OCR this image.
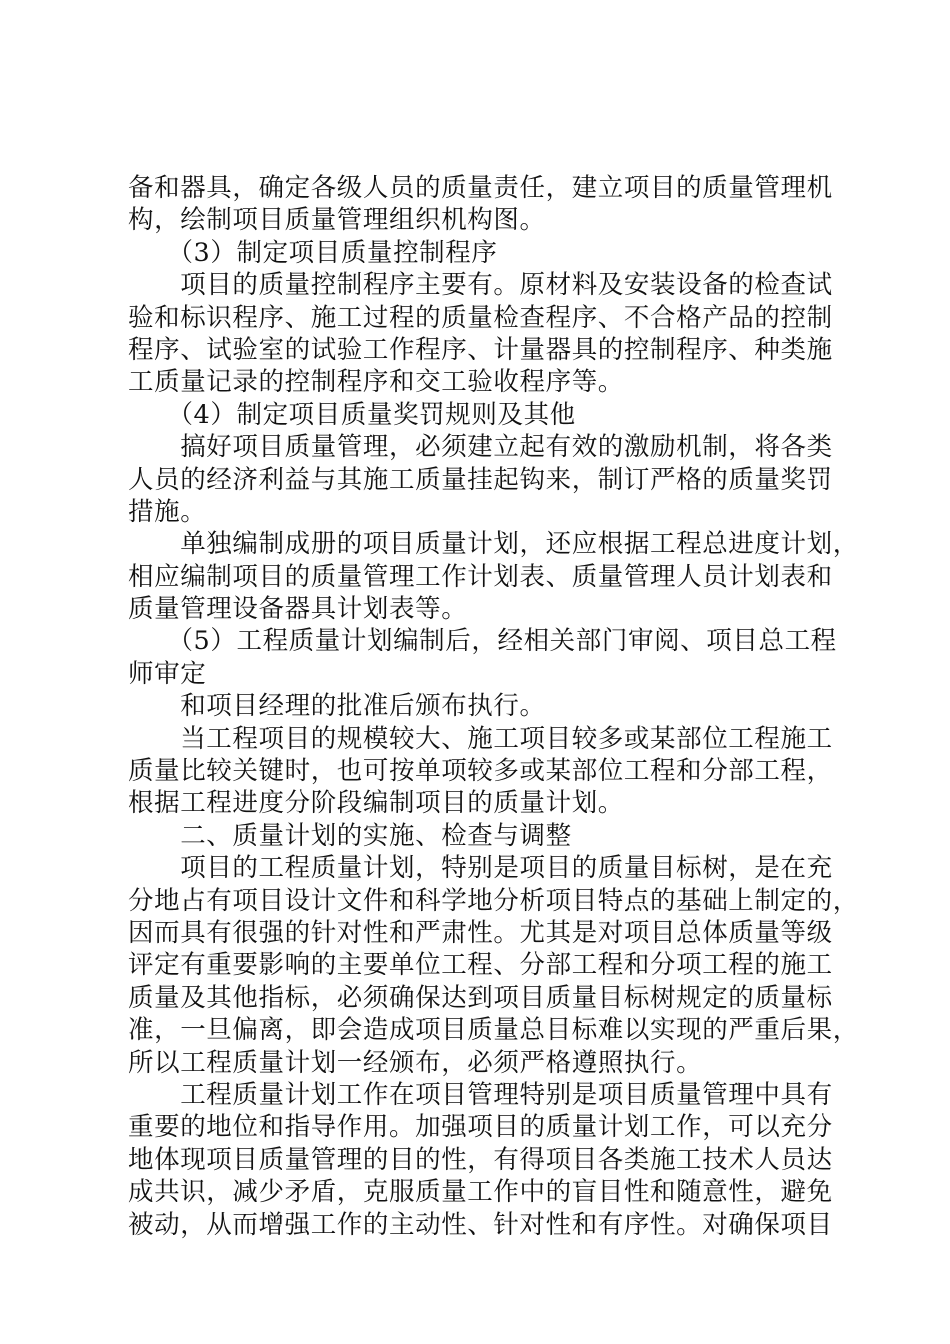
备和器具，确定各级人员的质量责任，建立项目的质量管理机
构，绘制项目质量管理组织机构图。
　　（3）制定项目质量控制程序
　　项目的质量控制程序主要有。原材料及安装设备的检查试
验和标识程序、施工过程的质量检查程序、不合格产品的控制
程序、试验室的试验工作程序、计量器具的控制程序、种类施
工质量记录的控制程序和交工验收程序等。
　　（4）制定项目质量奖罚规则及其他
　　搞好项目质量管理，必须建立起有效的激励机制，将各类
人员的经济利益与其施工质量挂起钩来，制订严格的质量奖罚
措施。
　　单独编制成册的项目质量计划，还应根据工程总进度计划，
相应编制项目的质量管理工作计划表、质量管理人员计划表和
质量管理设备器具计划表等。
　　（5）工程质量计划编制后，经相关部门审阅、项目总工程
师审定
　　和项目经理的批准后颁布执行。
　　当工程项目的规模较大、施工项目较多或某部位工程施工
质量比较关键时，也可按单项较多或某部位工程和分部工程，
根据工程进度分阶段编制项目的质量计划。
　　二、质量计划的实施、检查与调整
　　项目的工程质量计划，特别是项目的质量目标树，是在充
分地占有项目设计文件和科学地分析项目特点的基础上制定的，
因而具有很强的针对性和严肃性。尤其是对项目总体质量等级
评定有重要影响的主要单位工程、分部工程和分项工程的施工
质量及其他指标，必须确保达到项目质量目标树规定的质量标
准，一旦偏离，即会造成项目质量总目标难以实现的严重后果，
所以工程质量计划一经颁布，必须严格遵照执行。
　　工程质量计划工作在项目管理特别是项目质量管理中具有
重要的地位和指导作用。加强项目的质量计划工作，可以充分
地体现项目质量管理的目的性，有得项目各类施工技术人员达
成共识，减少矛盾，克服质量工作中的盲目性和随意性，避免
被动，从而增强工作的主动性、针对性和有序性。对确保项目
